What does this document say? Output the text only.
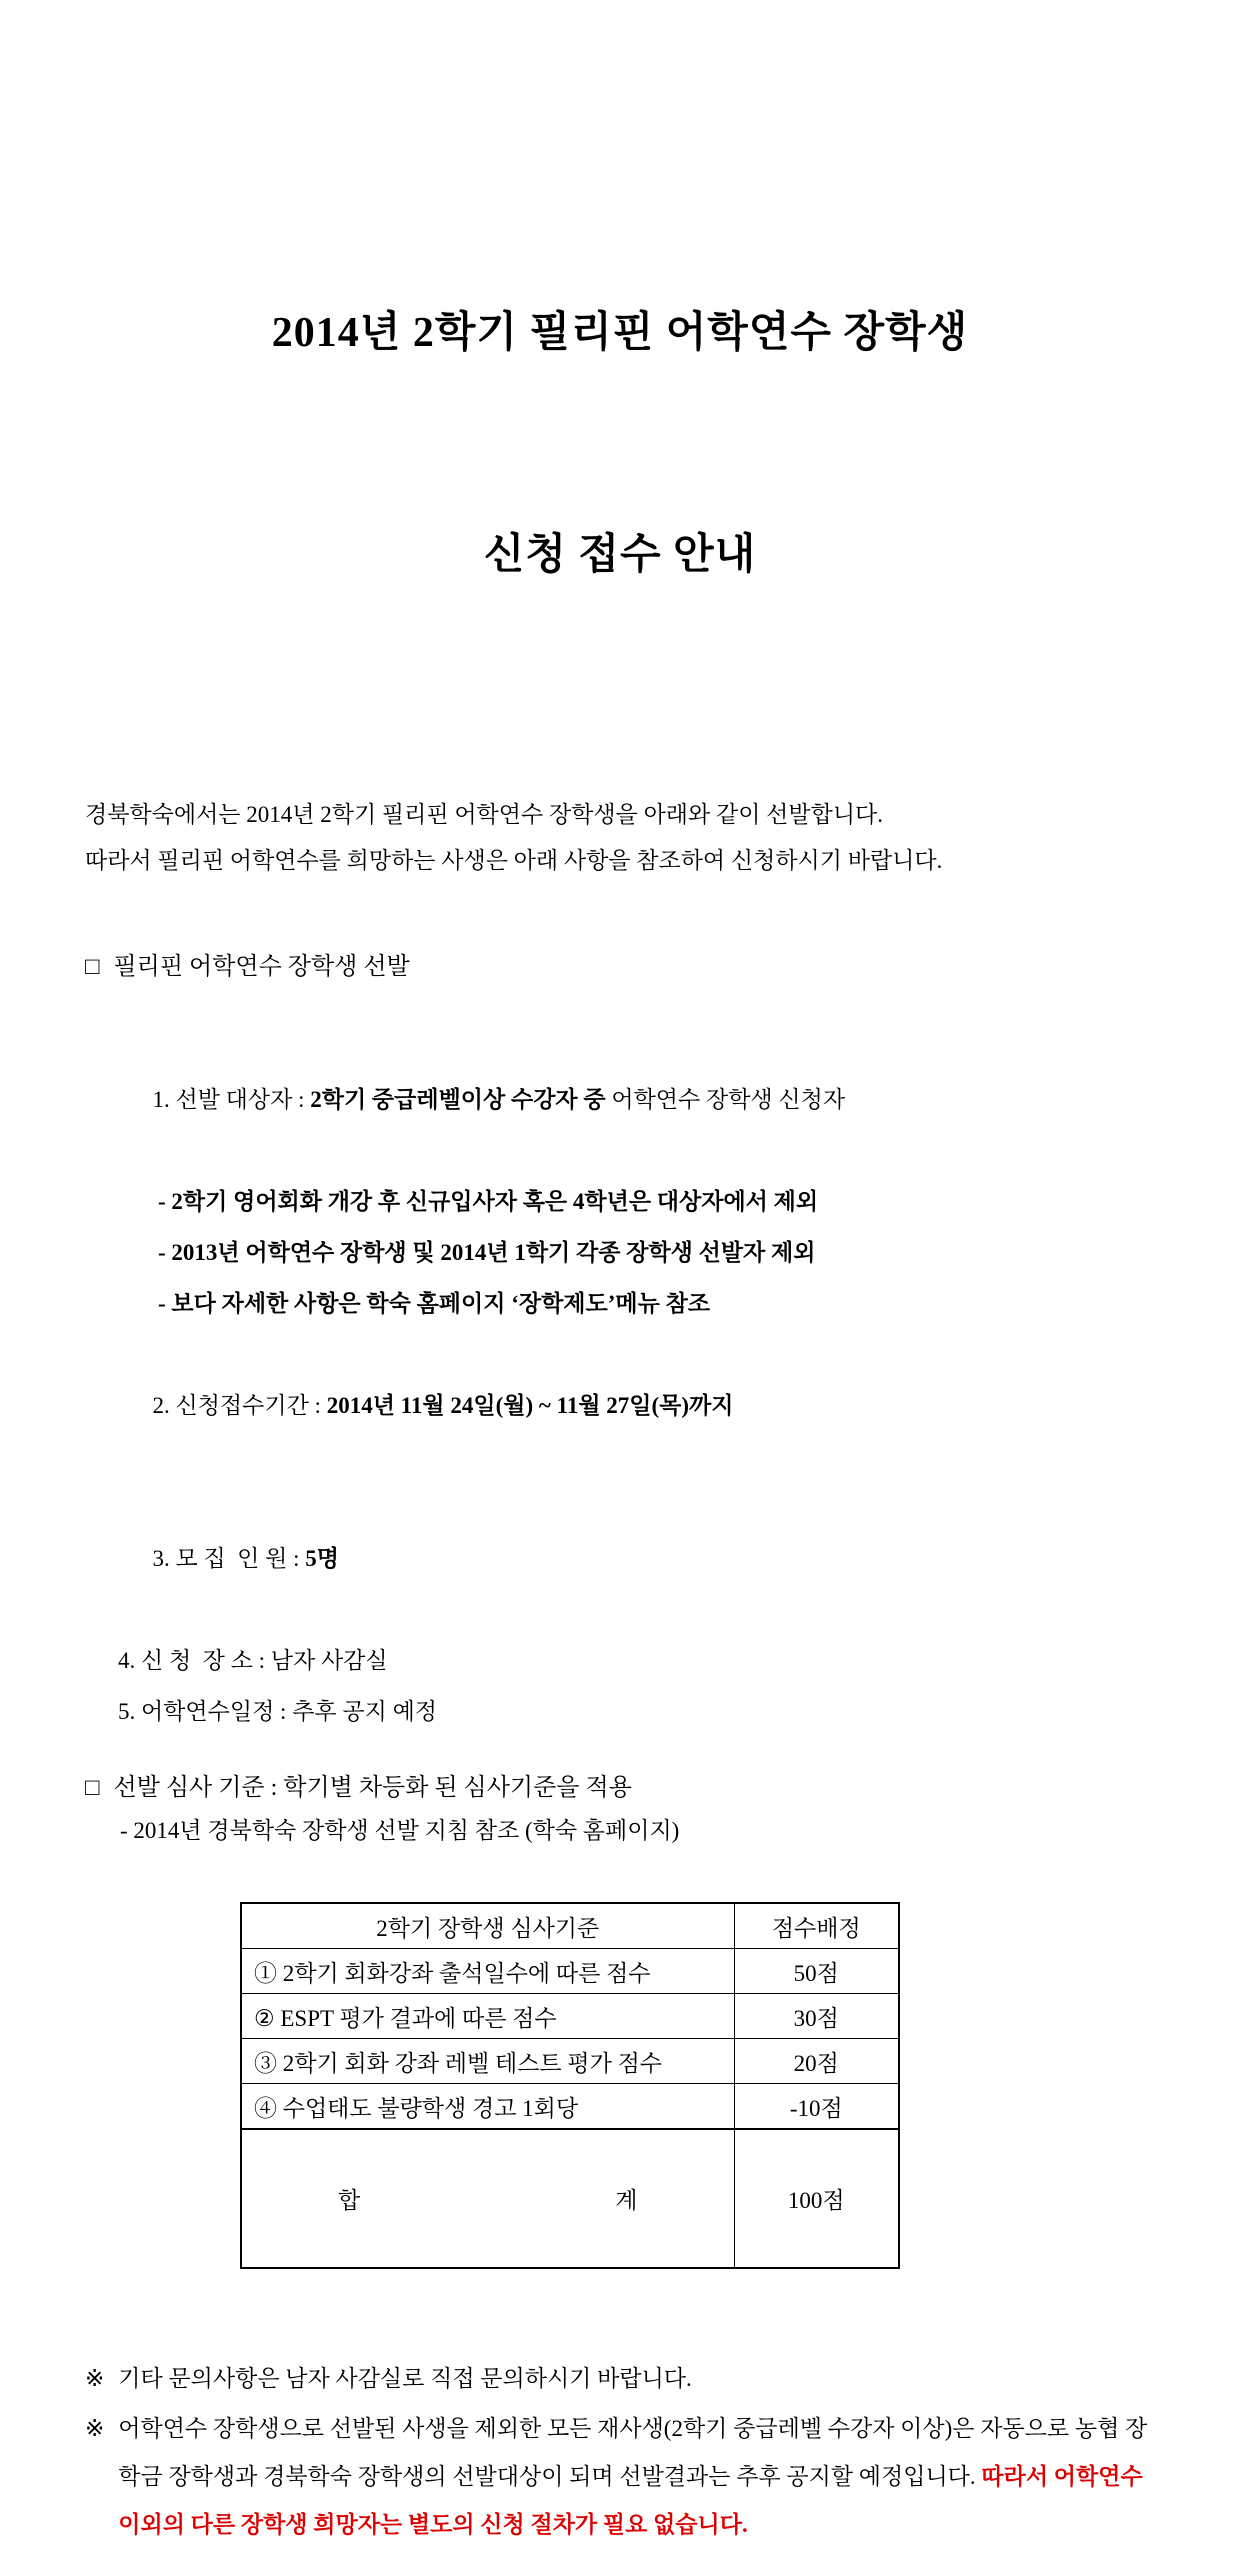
2014년 2학기 필리핀 어학연수 장학생

신청 접수 안내

경북학숙에서는 2014년 2학기 필리핀 어학연수 장학생을 아래와 같이 선발합니다.
따라서 필리핀 어학연수를 희망하는 사생은 아래 사항을 참조하여 신청하시기 바랍니다.
□ 필리핀 어학연수 장학생 선발

1. 선발 대상자 : 2학기 중급레벨이상 수강자 중 어학연수 장학생 신청자

- 2학기 영어회화 개강 후 신규입사자 혹은 4학년은 대상자에서 제외
- 2013년 어학연수 장학생 및 2014년 1학기 각종 장학생 선발자 제외
- 보다 자세한 사항은 학숙 홈페이지 ‘장학제도’메뉴 참조

2. 신청접수기간 : 2014년 11월 24일(월) ~ 11월 27일(목)까지

3. 모 집  인 원 : 5명

4. 신 청  장 소 : 남자 사감실
5. 어학연수일정 : 추후 공지 예정
□ 선발 심사 기준 : 학기별 차등화 된 심사기준을 적용
- 2014년 경북학숙 장학생 선발 지침 참조 (학숙 홈페이지)
2학기 장학생 심사기준	점수배정
① 2학기 회화강좌 출석일수에 따른 점수	50점
② ESPT 평가 결과에 따른 점수	30점
③ 2학기 회화 강좌 레벨 테스트 평가 점수	20점
④ 수업태도 불량학생 경고 1회당	-10점

합 계	100점
※ 기타 문의사항은 남자 사감실로 직접 문의하시기 바랍니다.
※ 어학연수 장학생으로 선발된 사생을 제외한 모든 재사생(2학기 중급레벨 수강자 이상)은 자동으로 농협 장학금 장학생과 경북학숙 장학생의 선발대상이 되며 선발결과는 추후 공지할 예정입니다. 따라서 어학연수 이외의 다른 장학생 희망자는 별도의 신청 절차가 필요 없습니다.
